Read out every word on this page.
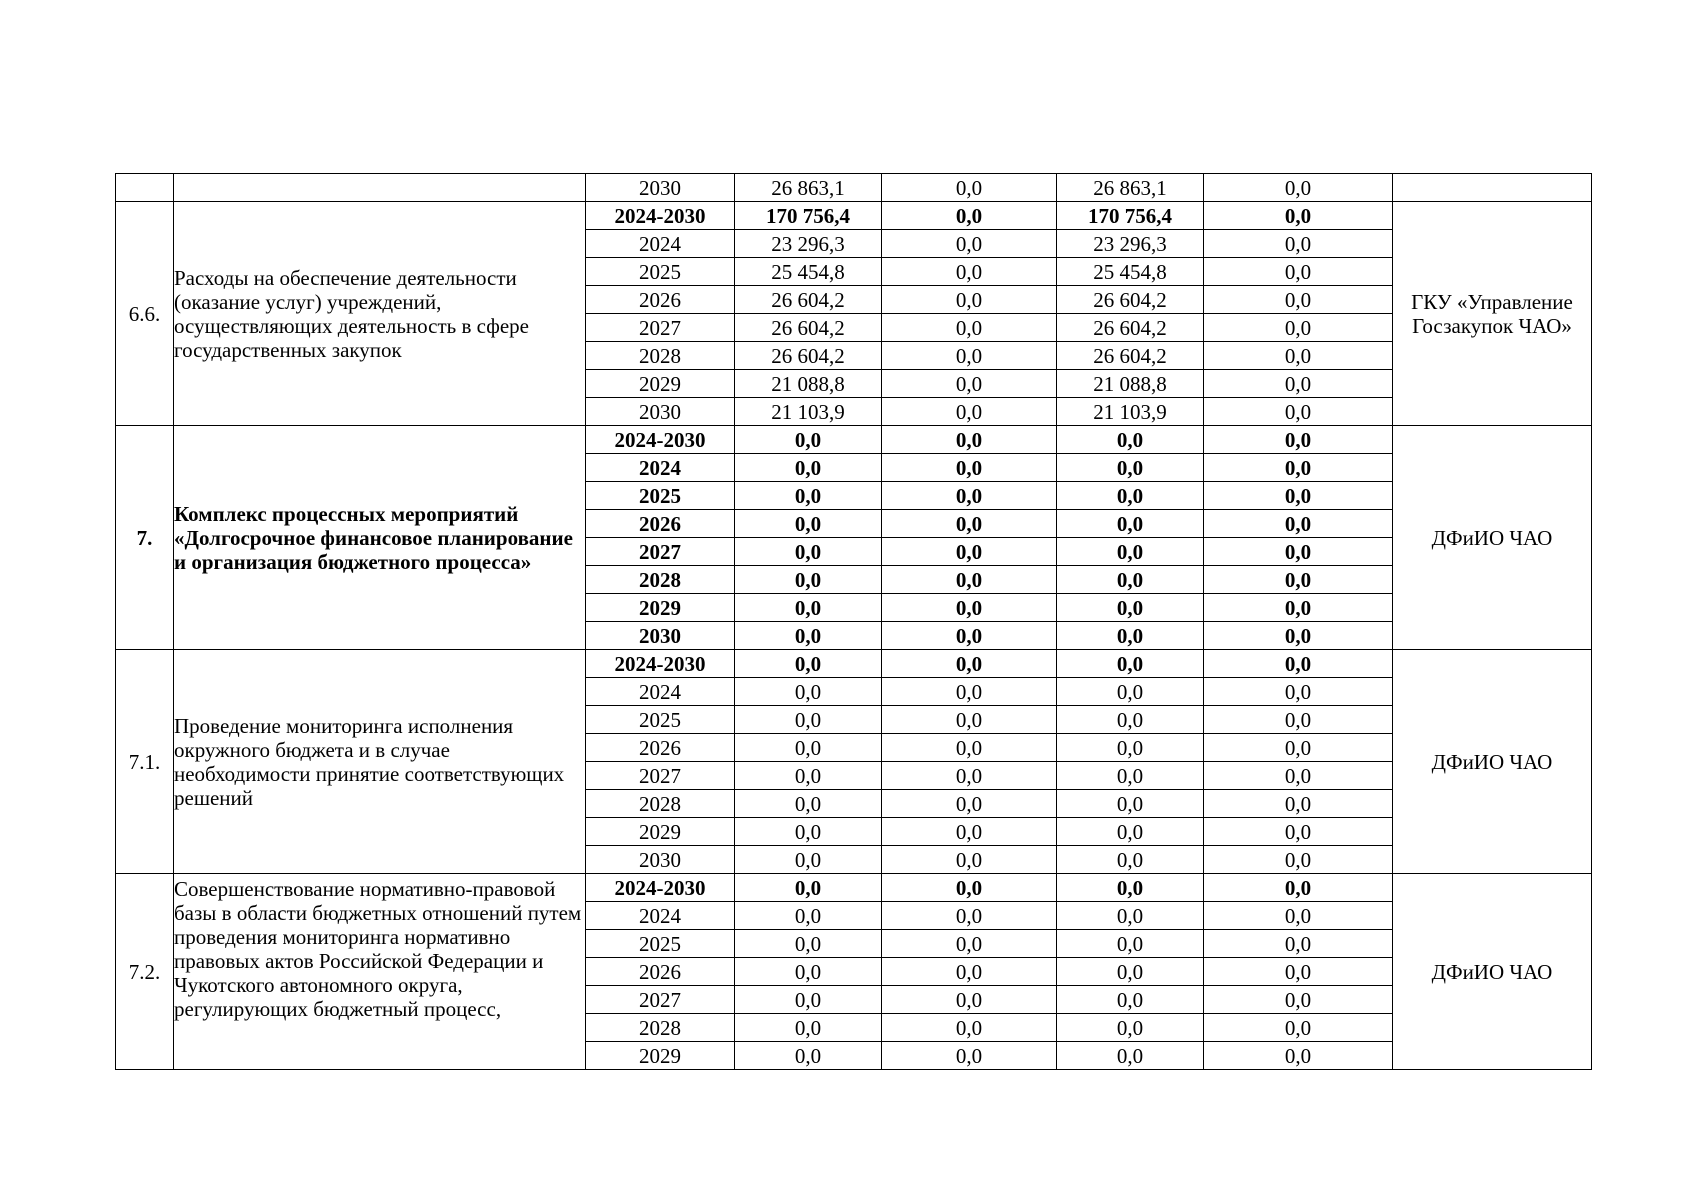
		2030	26 863,1	0,0	26 863,1	0,0	
6.6.	Расходы на обеспечение деятельности (оказание услуг) учреждений, осуществляющих деятельность в сфере государственных закупок	2024-2030	170 756,4	0,0	170 756,4	0,0	ГКУ «Управление Госзакупок ЧАО»
		2024	23 296,3	0,0	23 296,3	0,0	
		2025	25 454,8	0,0	25 454,8	0,0	
		2026	26 604,2	0,0	26 604,2	0,0	
		2027	26 604,2	0,0	26 604,2	0,0	
		2028	26 604,2	0,0	26 604,2	0,0	
		2029	21 088,8	0,0	21 088,8	0,0	
		2030	21 103,9	0,0	21 103,9	0,0	
7.	Комплекс процессных мероприятий «Долгосрочное финансовое планирование и организация бюджетного процесса»	2024-2030	0,0	0,0	0,0	0,0	ДФиИО ЧАО
		2024	0,0	0,0	0,0	0,0	
		2025	0,0	0,0	0,0	0,0	
		2026	0,0	0,0	0,0	0,0	
		2027	0,0	0,0	0,0	0,0	
		2028	0,0	0,0	0,0	0,0	
		2029	0,0	0,0	0,0	0,0	
		2030	0,0	0,0	0,0	0,0	
7.1.	Проведение мониторинга исполнения окружного бюджета и в случае необходимости принятие соответствующих решений	2024-2030	0,0	0,0	0,0	0,0	ДФиИО ЧАО
		2024	0,0	0,0	0,0	0,0	
		2025	0,0	0,0	0,0	0,0	
		2026	0,0	0,0	0,0	0,0	
		2027	0,0	0,0	0,0	0,0	
		2028	0,0	0,0	0,0	0,0	
		2029	0,0	0,0	0,0	0,0	
		2030	0,0	0,0	0,0	0,0	
7.2.	Совершенствование нормативно-правовой базы в области бюджетных отношений путем проведения мониторинга нормативно правовых актов Российской Федерации и Чукотского автономного округа, регулирующих бюджетный процесс,	2024-2030	0,0	0,0	0,0	0,0	ДФиИО ЧАО
		2024	0,0	0,0	0,0	0,0	
		2025	0,0	0,0	0,0	0,0	
		2026	0,0	0,0	0,0	0,0	
		2027	0,0	0,0	0,0	0,0	
		2028	0,0	0,0	0,0	0,0	
		2029	0,0	0,0	0,0	0,0	
